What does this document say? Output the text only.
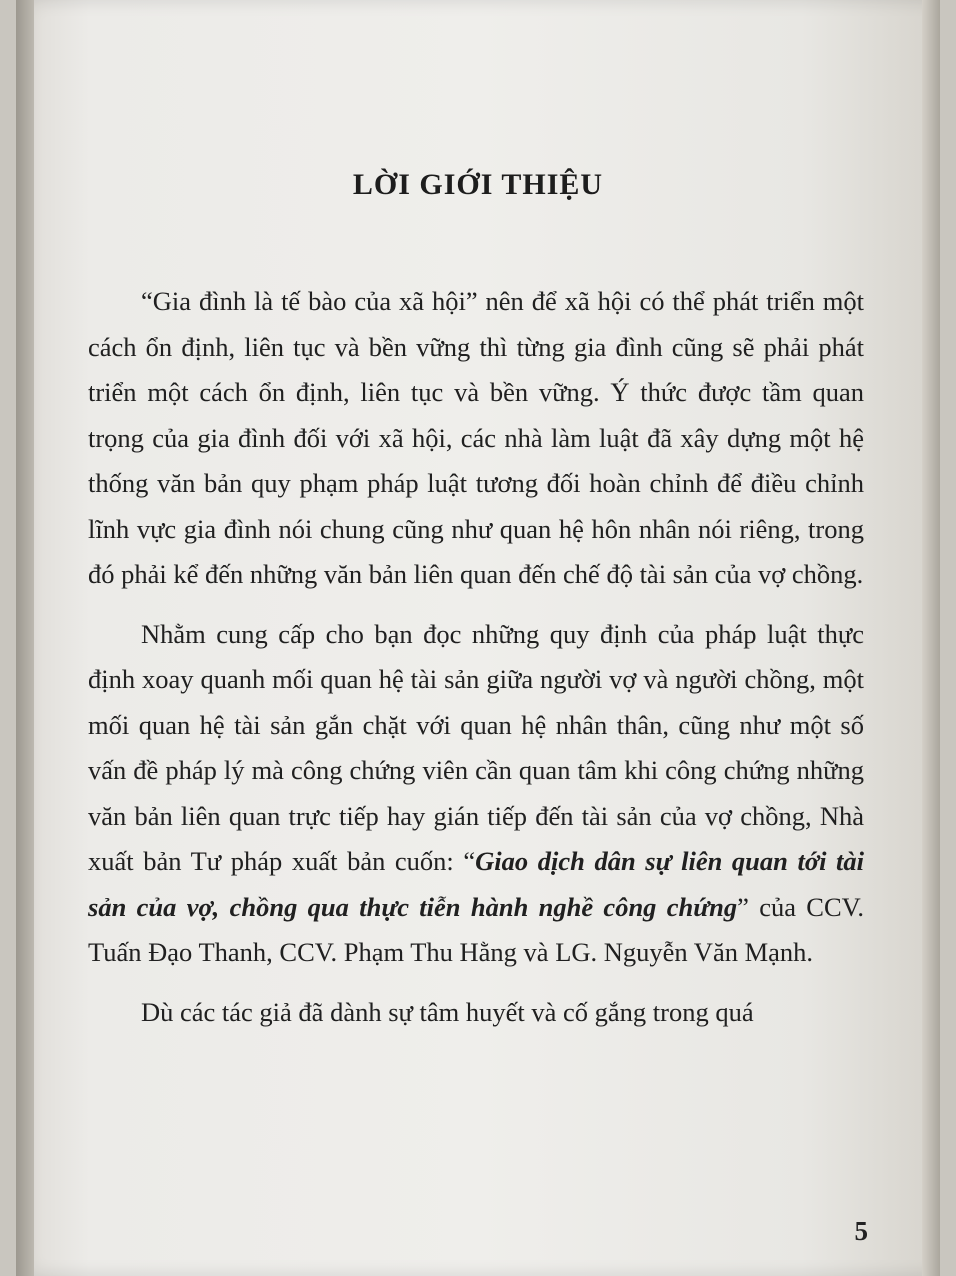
LỜI GIỚI THIỆU

“Gia đình là tế bào của xã hội” nên để xã hội có thể phát triển một cách ổn định, liên tục và bền vững thì từng gia đình cũng sẽ phải phát triển một cách ổn định, liên tục và bền vững. Ý thức được tầm quan trọng của gia đình đối với xã hội, các nhà làm luật đã xây dựng một hệ thống văn bản quy phạm pháp luật tương đối hoàn chỉnh để điều chỉnh lĩnh vực gia đình nói chung cũng như quan hệ hôn nhân nói riêng, trong đó phải kể đến những văn bản liên quan đến chế độ tài sản của vợ chồng.

Nhằm cung cấp cho bạn đọc những quy định của pháp luật thực định xoay quanh mối quan hệ tài sản giữa người vợ và người chồng, một mối quan hệ tài sản gắn chặt với quan hệ nhân thân, cũng như một số vấn đề pháp lý mà công chứng viên cần quan tâm khi công chứng những văn bản liên quan trực tiếp hay gián tiếp đến tài sản của vợ chồng, Nhà xuất bản Tư pháp xuất bản cuốn: “Giao dịch dân sự liên quan tới tài sản của vợ, chồng qua thực tiễn hành nghề công chứng” của CCV. Tuấn Đạo Thanh, CCV. Phạm Thu Hằng và LG. Nguyễn Văn Mạnh.

Dù các tác giả đã dành sự tâm huyết và cố gắng trong quá

5
